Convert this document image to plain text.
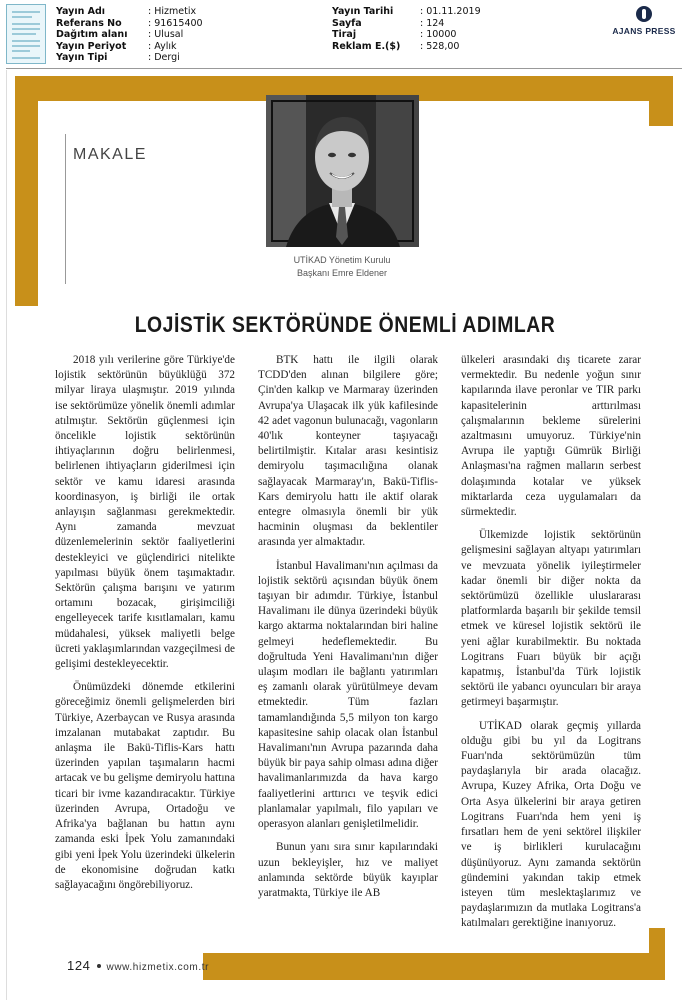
Yayın Adı	: Hizmetix
Referans No	: 91615400
Dağıtım alanı : Ulusal
Yayın Periyot : Aylık
Yayın Tipi	: Dergi
Yayın Tarihi	: 01.11.2019
Sayfa	: 124
Tiraj	: 10000
Reklam E.($) : 528,00
AJANS PRESS
MAKALE
UTİKAD Yönetim Kurulu
Başkanı Emre Eldener
LOJİSTİK SEKTÖRÜNDE ÖNEMLİ ADIMLAR

2018 yılı verilerine göre Türkiye'de lojistik sektörünün büyüklüğü 372 milyar liraya ulaşmıştır. 2019 yılında ise sektörümüze yönelik önemli adımlar atılmıştır. Sektörün güçlenmesi için öncelikle lojistik sektörünün ihtiyaçlarının doğru belirlenmesi, belirlenen ihtiyaçların giderilmesi için sektör ve kamu idaresi arasında koordinasyon, iş birliği ile ortak anlayışın sağlanması gerekmektedir. Aynı zamanda mevzuat düzenlemelerinin sektör faaliyetlerini destekleyici ve güçlendirici nitelikte yapılması büyük önem taşımaktadır. Sektörün çalışma barışını ve yatırım ortamını bozacak, girişimciliği engelleyecek tarife kısıtlamaları, kamu müdahalesi, yüksek maliyetli belge ücreti yaklaşımlarından vazgeçilmesi de gelişimi destekleyecektir.

Önümüzdeki dönemde etkilerini göreceğimiz önemli gelişmelerden biri Türkiye, Azerbaycan ve Rusya arasında imzalanan mutabakat zaptıdır. Bu anlaşma ile Bakü-Tiflis-Kars hattı üzerinden yapılan taşımaların hacmi artacak ve bu gelişme demiryolu hattına ticari bir ivme kazandıracaktır. Türkiye üzerinden Avrupa, Ortadoğu ve Afrika'ya bağlanan bu hattın aynı zamanda eski İpek Yolu zamanındaki gibi yeni İpek Yolu üzerindeki ülkelerin de ekonomisine doğrudan katkı sağlayacağını öngörebiliyoruz.

BTK hattı ile ilgili olarak TCDD'den alınan bilgilere göre; Çin'den kalkıp ve Marmaray üzerinden Avrupa'ya Ulaşacak ilk yük kafilesinde 42 adet vagonun bulunacağı, vagonların 40'lık konteyner taşıyacağı belirtilmiştir. Kıtalar arası kesintisiz demiryolu taşımacılığına olanak sağlayacak Marmaray'ın, Bakü-Tiflis-Kars demiryolu hattı ile aktif olarak entegre olmasıyla önemli bir yük hacminin oluşması da beklentiler arasında yer almaktadır.

İstanbul Havalimanı'nın açılması da lojistik sektörü açısından büyük önem taşıyan bir adımdır. Türkiye, İstanbul Havalimanı ile dünya üzerindeki büyük kargo aktarma noktalarından biri haline gelmeyi hedeflemektedir. Bu doğrultuda Yeni Havalimanı'nın diğer ulaşım modları ile bağlantı yatırımları eş zamanlı olarak yürütülmeye devam etmektedir. Tüm fazları tamamlandığında 5,5 milyon ton kargo kapasitesine sahip olacak olan İstanbul Havalimanı'nın Avrupa pazarında daha büyük bir paya sahip olması adına diğer havalimanlarımızda da hava kargo faaliyetlerini arttırıcı ve teşvik edici planlamalar yapılmalı, filo yapıları ve operasyon alanları genişletilmelidir.

Bunun yanı sıra sınır kapılarındaki uzun bekleyişler, hız ve maliyet anlamında sektörde büyük kayıplar yaratmakta, Türkiye ile AB

ülkeleri arasındaki dış ticarete zarar vermektedir. Bu nedenle yoğun sınır kapılarında ilave peronlar ve TIR parkı kapasitelerinin arttırılması çalışmalarının bekleme sürelerini azaltmasını umuyoruz. Türkiye'nin Avrupa ile yaptığı Gümrük Birliği Anlaşması'na rağmen malların serbest dolaşımında kotalar ve yüksek miktarlarda ceza uygulamaları da sürmektedir.

Ülkemizde lojistik sektörünün gelişmesini sağlayan altyapı yatırımları ve mevzuata yönelik iyileştirmeler kadar önemli bir diğer nokta da sektörümüzü özellikle uluslararası platformlarda başarılı bir şekilde temsil etmek ve küresel lojistik sektörü ile yeni ağlar kurabilmektir. Bu noktada Logitrans Fuarı büyük bir açığı kapatmış, İstanbul'da Türk lojistik sektörü ile yabancı oyuncuları bir araya getirmeyi başarmıştır.

UTİKAD olarak geçmiş yıllarda olduğu gibi bu yıl da Logitrans Fuarı'nda sektörümüzün tüm paydaşlarıyla bir arada olacağız. Avrupa, Kuzey Afrika, Orta Doğu ve Orta Asya ülkelerini bir araya getiren Logitrans Fuarı'nda hem yeni iş fırsatları hem de yeni sektörel ilişkiler ve iş birlikleri kurulacağını düşünüyoruz. Aynı zamanda sektörün gündemini yakından takip etmek isteyen tüm meslektaşlarımız ve paydaşlarımızın da mutlaka Logitrans'a katılmaları gerektiğine inanıyoruz.

124 www.hizmetix.com.tr
